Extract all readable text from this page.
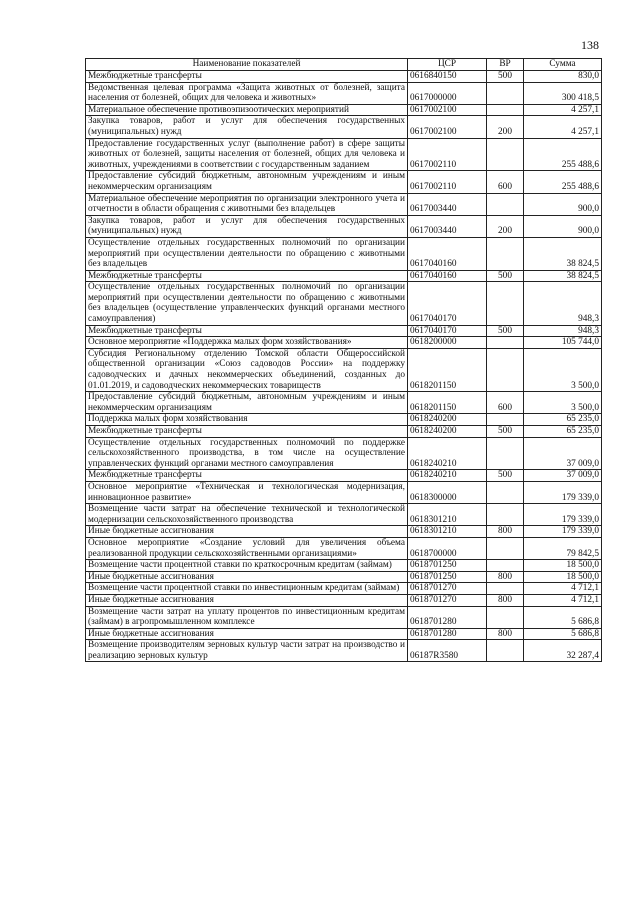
138
Наименование показателей	ЦСР	ВР	Сумма
Межбюджетные трансферты	0616840150	500	830,0
Ведомственная целевая программа «Защита животных от болезней, защита населения от болезней, общих для человека и животных»	0617000000		300 418,5
Материальное обеспечение противоэпизоотических мероприятий	0617002100		4 257,1
Закупка товаров, работ и услуг для обеспечения государственных (муниципальных) нужд	0617002100	200	4 257,1
Предоставление государственных услуг (выполнение работ) в сфере защиты животных от болезней, защиты населения от болезней, общих для человека и животных, учреждениями в соответствии с государственным заданием	0617002110		255 488,6
Предоставление субсидий бюджетным, автономным учреждениям и иным некоммерческим организациям	0617002110	600	255 488,6
Материальное обеспечение мероприятия по организации электронного учета и отчетности в области обращения с животными без владельцев	0617003440		900,0
Закупка товаров, работ и услуг для обеспечения государственных (муниципальных) нужд	0617003440	200	900,0
Осуществление отдельных государственных полномочий по организации мероприятий при осуществлении деятельности по обращению с животными без владельцев	0617040160		38 824,5
Межбюджетные трансферты	0617040160	500	38 824,5
Осуществление отдельных государственных полномочий по организации мероприятий при осуществлении деятельности по обращению с животными без владельцев (осуществление управленческих функций органами местного самоуправления)	0617040170		948,3
Межбюджетные трансферты	0617040170	500	948,3
Основное мероприятие «Поддержка малых форм хозяйствования»	0618200000		105 744,0
Субсидия Региональному отделению Томской области Общероссийской общественной организации «Союз садоводов России» на поддержку садоводческих и дачных некоммерческих объединений, созданных до 01.01.2019, и садоводческих некоммерческих товариществ	0618201150		3 500,0
Предоставление субсидий бюджетным, автономным учреждениям и иным некоммерческим организациям	0618201150	600	3 500,0
Поддержка малых форм хозяйствования	0618240200		65 235,0
Межбюджетные трансферты	0618240200	500	65 235,0
Осуществление отдельных государственных полномочий по поддержке сельскохозяйственного производства, в том числе на осуществление управленческих функций органами местного самоуправления	0618240210		37 009,0
Межбюджетные трансферты	0618240210	500	37 009,0
Основное мероприятие «Техническая и технологическая модернизация, инновационное развитие»	0618300000		179 339,0
Возмещение части затрат на обеспечение технической и технологической модернизации сельскохозяйственного производства	0618301210		179 339,0
Иные бюджетные ассигнования	0618301210	800	179 339,0
Основное мероприятие «Создание условий для увеличения объема реализованной продукции сельскохозяйственными организациями»	0618700000		79 842,5
Возмещение части процентной ставки по краткосрочным кредитам (займам)	0618701250		18 500,0
Иные бюджетные ассигнования	0618701250	800	18 500,0
Возмещение части процентной ставки по инвестиционным кредитам (займам)	0618701270		4 712,1
Иные бюджетные ассигнования	0618701270	800	4 712,1
Возмещение части затрат на уплату процентов по инвестиционным кредитам (займам) в агропромышленном комплексе	0618701280		5 686,8
Иные бюджетные ассигнования	0618701280	800	5 686,8
Возмещение производителям зерновых культур части затрат на производство и реализацию зерновых культур	06187R3580		32 287,4
